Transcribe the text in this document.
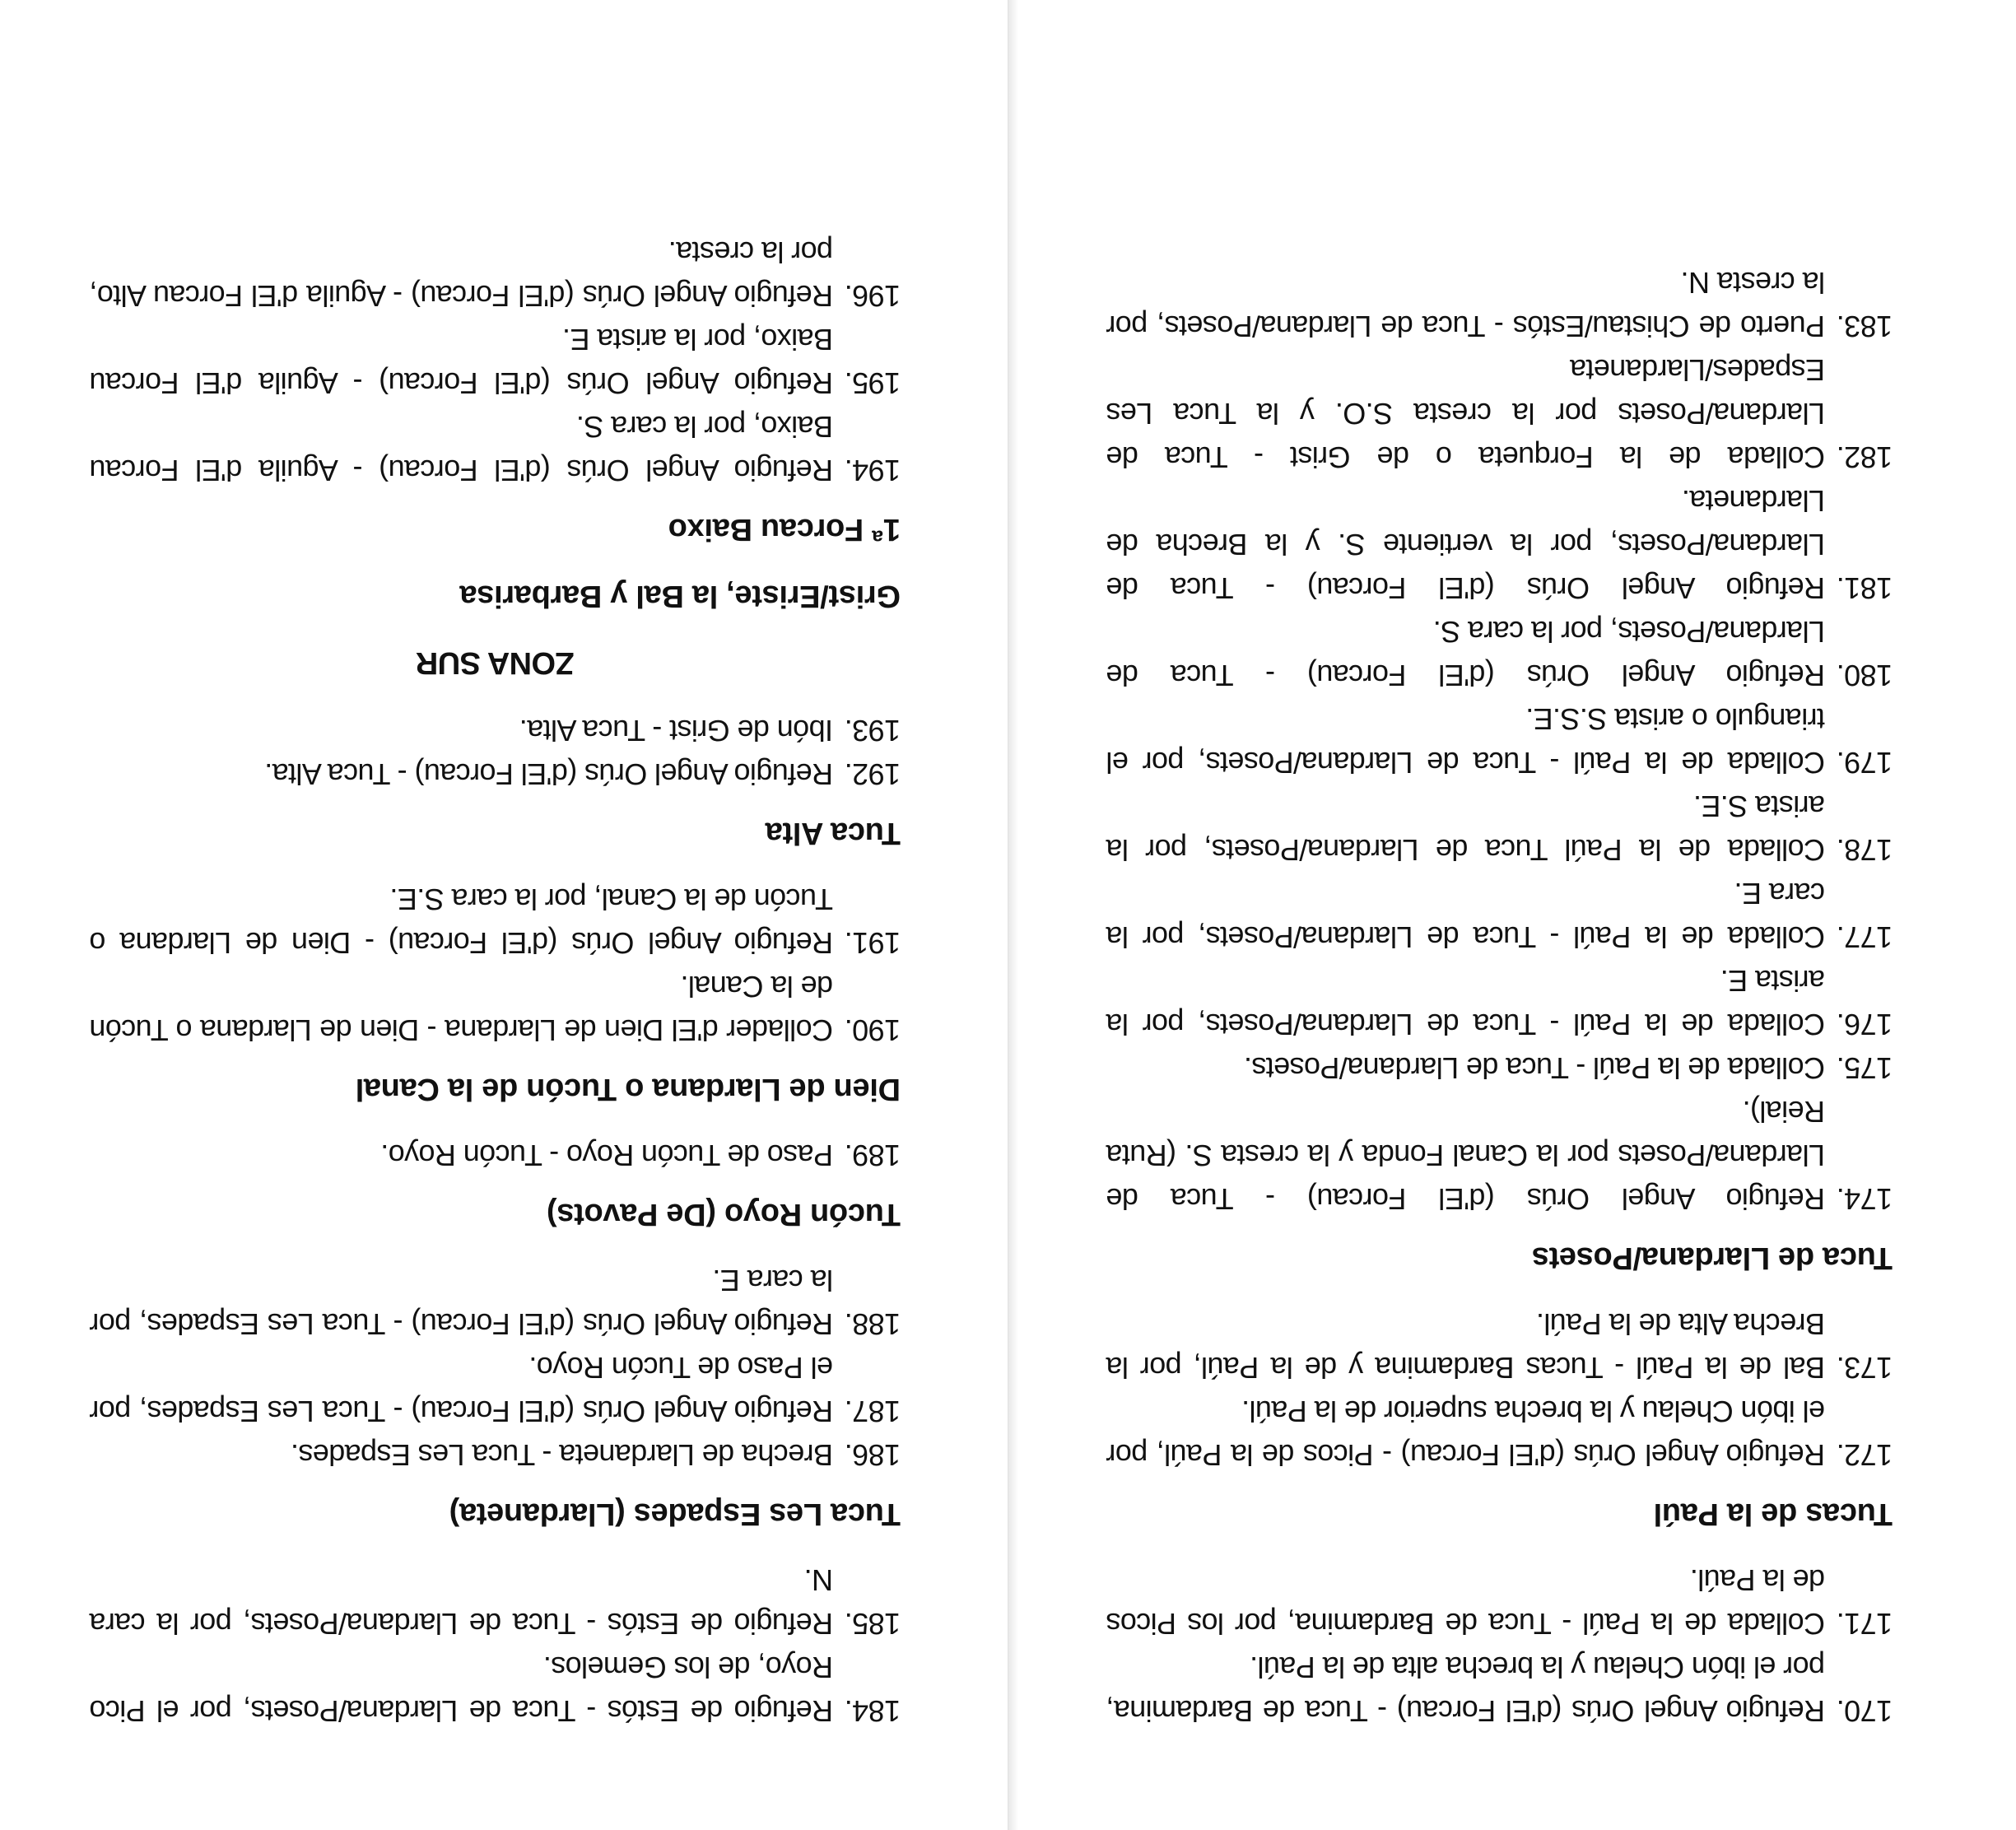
170.
Refugio Angel Orús (d'El Forcau) - Tuca de Bardamina, por el ibón Chelau y la brecha alta de la Paúl.
171.
Collada de la Paúl - Tuca de Bardamina, por los Picos de la Paúl.
Tucas de la Paúl
172.
Refugio Angel Orús (d'El Forcau) - Picos de la Paúl, por el ibón Chelau y la brecha superior de la Paúl.
173.
Bal de la Paúl - Tucas Bardamina y de la Paúl, por la Brecha Alta de la Paúl.
Tuca de Llardana/Posets
174.
Refugio Angel Orús (d'El Forcau) - Tuca de Llardana/Posets por la Canal Fonda y la cresta S. (Ruta Reial).
175.
Collada de la Paúl - Tuca de Llardana/Posets.
176.
Collada de la Paúl - Tuca de Llardana/Posets, por la arista E.
177.
Collada de la Paúl - Tuca de Llardana/Posets, por la cara E.
178.
Collada de la Paúl Tuca de Llardana/Posets, por la arista S.E.
179.
Collada de la Paúl - Tuca de Llardana/Posets, por el triangulo o arista S.S.E.
180.
Refugio Angel Orús (d'El Forcau) - Tuca de Llardana/Posets, por la cara S.
181.
Refugio Angel Orús (d'El Forcau) - Tuca de Llardana/Posets, por la vertiente S. y la Brecha de Llardaneta.
182.
Collada de la Forqueta o de Grist - Tuca de Llardana/Posets por la cresta S.O. y la Tuca Les Espades/Llardaneta
183.
Puerto de Chistau/Estós - Tuca de Llardana/Posets, por la cresta N.
184.
Refugio de Estós - Tuca de Llardana/Posets, por el Pico Royo, de los Gemelos.
185.
Refugio de Estós - Tuca de Llardana/Posets, por la cara N.
Tuca Les Espades (Llardaneta)
186.
Brecha de Llardaneta - Tuca Les Espades.
187.
Refugio Angel Orús (d'El Forcau) - Tuca Les Espades, por el Paso de Tucón Royo.
188.
Refugio Angel Orús (d'El Forcau) - Tuca Les Espades, por la cara E.
Tucón Royo (De Pavots)
189.
Paso de Tucón Royo - Tucón Royo.
Dien de Llardana o Tucón de la Canal
190.
Collader d'El Dien de Llardana - Dien de Llardana o Tucón de la Canal.
191.
Refugio Angel Orús (d'El Forcau) - Dien de Llardana o Tucón de la Canal, por la cara S.E.
Tuca Alta
192.
Refugio Angel Orús (d'El Forcau) - Tuca Alta.
193.
Ibón de Grist - Tuca Alta.
ZONA SUR
Grist/Eriste, la Bal y Barbarisa
1ª Forcau Baixo
194.
Refugio Angel Orús (d'El Forcau) - Aguila d'El Forcau Baixo, por la cara S.
195.
Refugio Angel Orús (d'El Forcau) - Aguila d'El Forcau Baixo, por la arista E.
196.
Refugio Angel Orús (d'El Forcau) - Aguila d'El Forcau Alto, por la cresta.
